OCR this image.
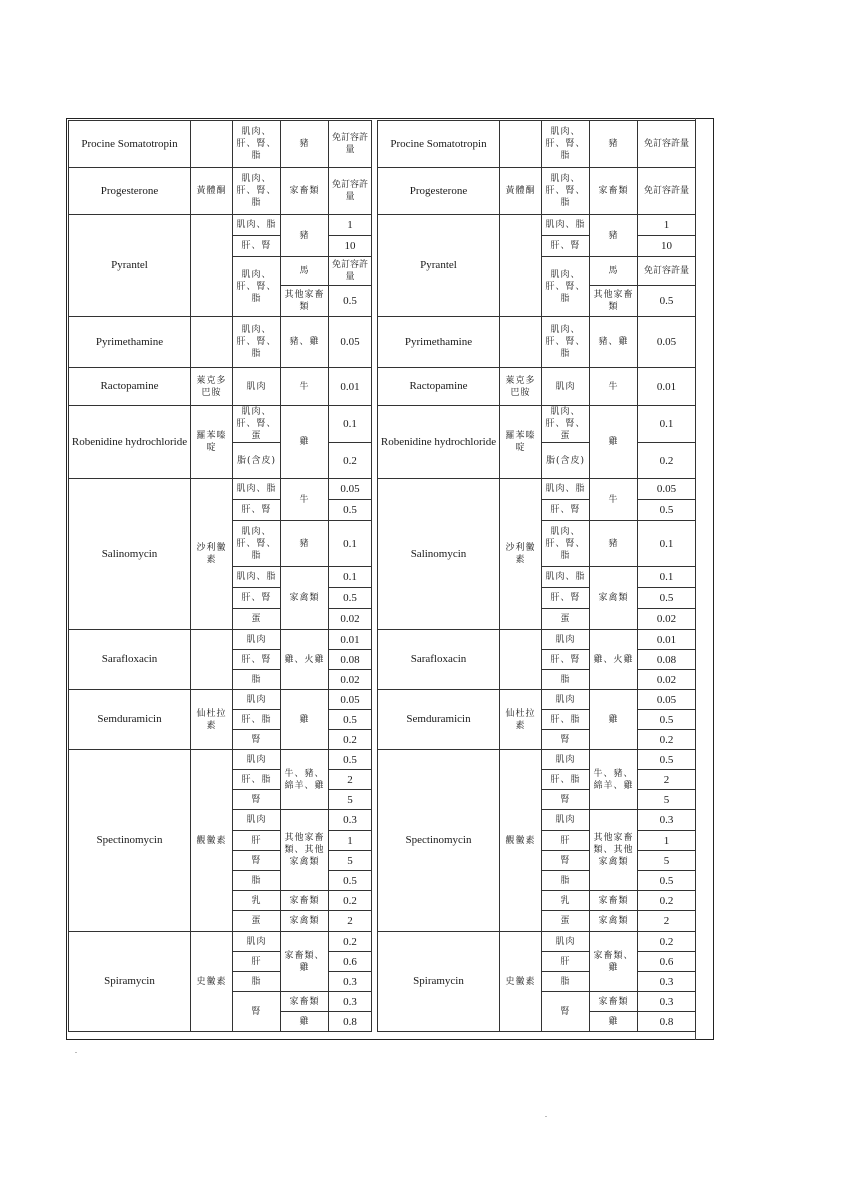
Procine Somatotropin		肌肉、肝、腎、脂	豬	免訂容許量
Progesterone	黃體酮	肌肉、肝、腎、脂	家畜類	免訂容許量
Pyrantel		肌肉、脂	豬	1
		肝、腎		10
		肌肉、肝、腎、脂	馬	免訂容許量
			其他家畜類	0.5
Pyrimethamine		肌肉、肝、腎、脂	豬、雞	0.05
Ractopamine	萊克多巴胺	肌肉	牛	0.01
Robenidine hydrochloride	羅苯嗪啶	肌肉、肝、腎、蛋	雞	0.1
		脂(含皮)		0.2
Salinomycin	沙利黴素	肌肉、脂	牛	0.05
		肝、腎		0.5
		肌肉、肝、腎、脂	豬	0.1
		肌肉、脂	家禽類	0.1
		肝、腎		0.5
		蛋		0.02
Sarafloxacin		肌肉	雞、火雞	0.01
		肝、腎		0.08
		脂		0.02
Semduramicin	仙杜拉素	肌肉	雞	0.05
		肝、脂		0.5
		腎		0.2
Spectinomycin	觀黴素	肌肉	牛、豬、綿羊、雞	0.5
		肝、脂		2
		腎		5
		肌肉	其他家畜類、其他家禽類	0.3
		肝		1
		腎		5
		脂		0.5
		乳	家畜類	0.2
		蛋	家禽類	2
Spiramycin	史黴素	肌肉	家畜類、雞	0.2
		肝		0.6
		脂		0.3
		腎	家畜類	0.3
			雞	0.8
Procine Somatotropin		肌肉、肝、腎、脂	豬	免訂容許量
Progesterone	黃體酮	肌肉、肝、腎、脂	家畜類	免訂容許量
Pyrantel		肌肉、脂	豬	1
		肝、腎		10
		肌肉、肝、腎、脂	馬	免訂容許量
			其他家畜類	0.5
Pyrimethamine		肌肉、肝、腎、脂	豬、雞	0.05
Ractopamine	萊克多巴胺	肌肉	牛	0.01
Robenidine hydrochloride	羅苯嗪啶	肌肉、肝、腎、蛋	雞	0.1
		脂(含皮)		0.2
Salinomycin	沙利黴素	肌肉、脂	牛	0.05
		肝、腎		0.5
		肌肉、肝、腎、脂	豬	0.1
		肌肉、脂	家禽類	0.1
		肝、腎		0.5
		蛋		0.02
Sarafloxacin		肌肉	雞、火雞	0.01
		肝、腎		0.08
		脂		0.02
Semduramicin	仙杜拉素	肌肉	雞	0.05
		肝、脂		0.5
		腎		0.2
Spectinomycin	觀黴素	肌肉	牛、豬、綿羊、雞	0.5
		肝、脂		2
		腎		5
		肌肉	其他家畜類、其他家禽類	0.3
		肝		1
		腎		5
		脂		0.5
		乳	家畜類	0.2
		蛋	家禽類	2
Spiramycin	史黴素	肌肉	家畜類、雞	0.2
		肝		0.6
		脂		0.3
		腎	家畜類	0.3
			雞	0.8
